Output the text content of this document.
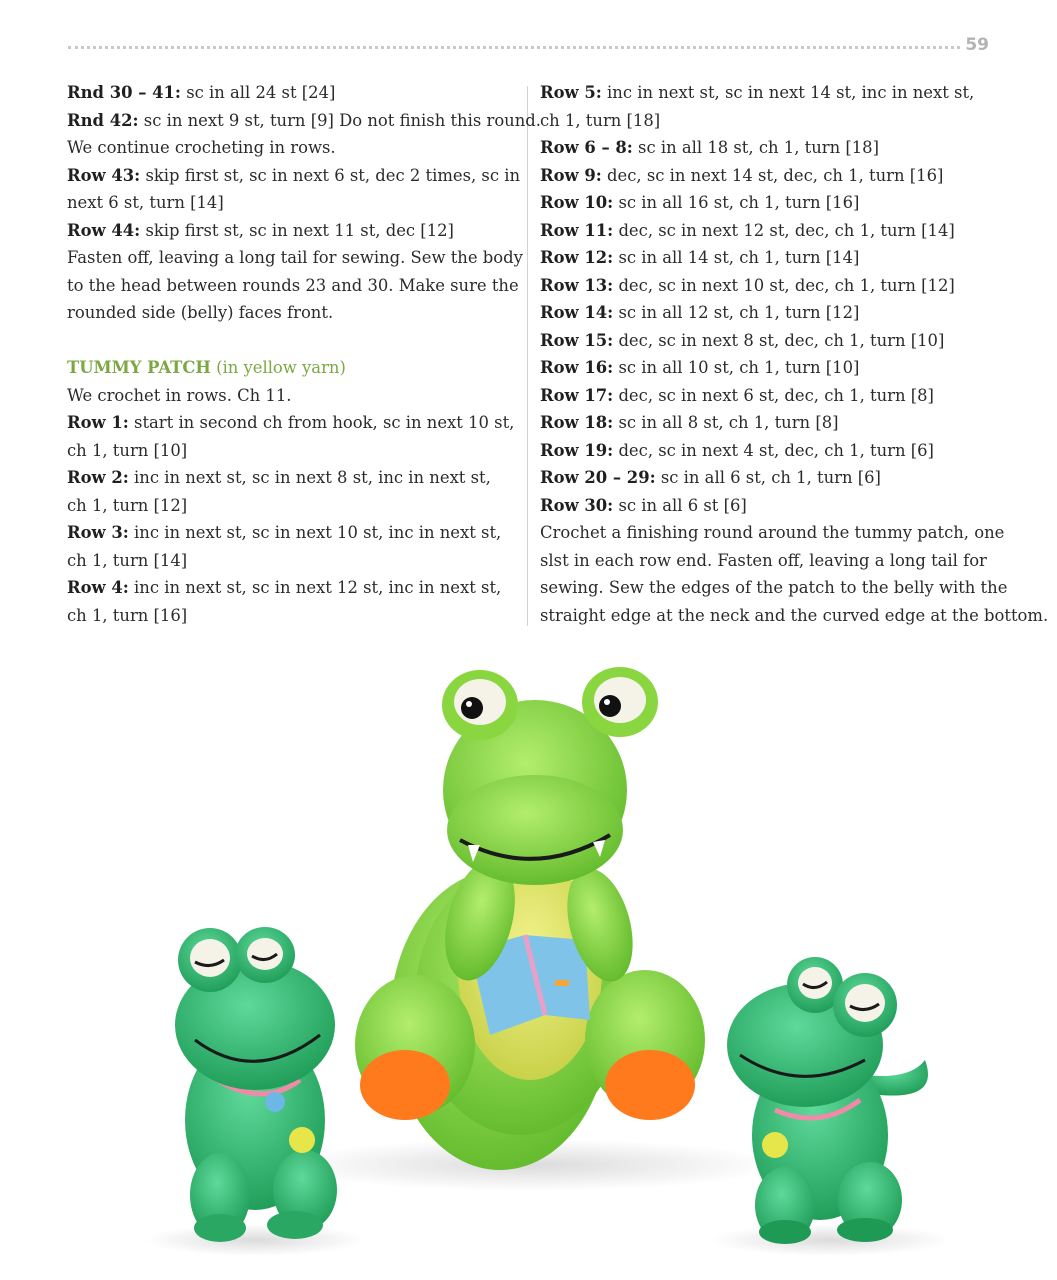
59
Rnd 30 – 41: sc in all 24 st [24]
Rnd 42: sc in next 9 st, turn [9] Do not finish this round.
We continue crocheting in rows.
Row 43: skip first st, sc in next 6 st, dec 2 times, sc in
next 6 st, turn [14]
Row 44: skip first st, sc in next 11 st, dec [12]
Fasten off, leaving a long tail for sewing. Sew the body
to the head between rounds 23 and 30. Make sure the
rounded side (belly) faces front.
TUMMY PATCH (in yellow yarn)
We crochet in rows. Ch 11.
Row 1: start in second ch from hook, sc in next 10 st,
ch 1, turn [10]
Row 2: inc in next st, sc in next 8 st, inc in next st,
ch 1, turn [12]
Row 3: inc in next st, sc in next 10 st, inc in next st,
ch 1, turn [14]
Row 4: inc in next st, sc in next 12 st, inc in next st,
ch 1, turn [16]
Row 5: inc in next st, sc in next 14 st, inc in next st,
ch 1, turn [18]
Row 6 – 8: sc in all 18 st, ch 1, turn [18]
Row 9: dec, sc in next 14 st, dec, ch 1, turn [16]
Row 10: sc in all 16 st, ch 1, turn [16]
Row 11: dec, sc in next 12 st, dec, ch 1, turn [14]
Row 12: sc in all 14 st, ch 1, turn [14]
Row 13: dec, sc in next 10 st, dec, ch 1, turn [12]
Row 14: sc in all 12 st, ch 1, turn [12]
Row 15: dec, sc in next 8 st, dec, ch 1, turn [10]
Row 16: sc in all 10 st, ch 1, turn [10]
Row 17: dec, sc in next 6 st, dec, ch 1, turn [8]
Row 18: sc in all 8 st, ch 1, turn [8]
Row 19: dec, sc in next 4 st, dec, ch 1, turn [6]
Row 20 – 29: sc in all 6 st, ch 1, turn [6]
Row 30: sc in all 6 st [6]
Crochet a finishing round around the tummy patch, one
slst in each row end. Fasten off, leaving a long tail for
sewing. Sew the edges of the patch to the belly with the
straight edge at the neck and the curved edge at the bottom.
